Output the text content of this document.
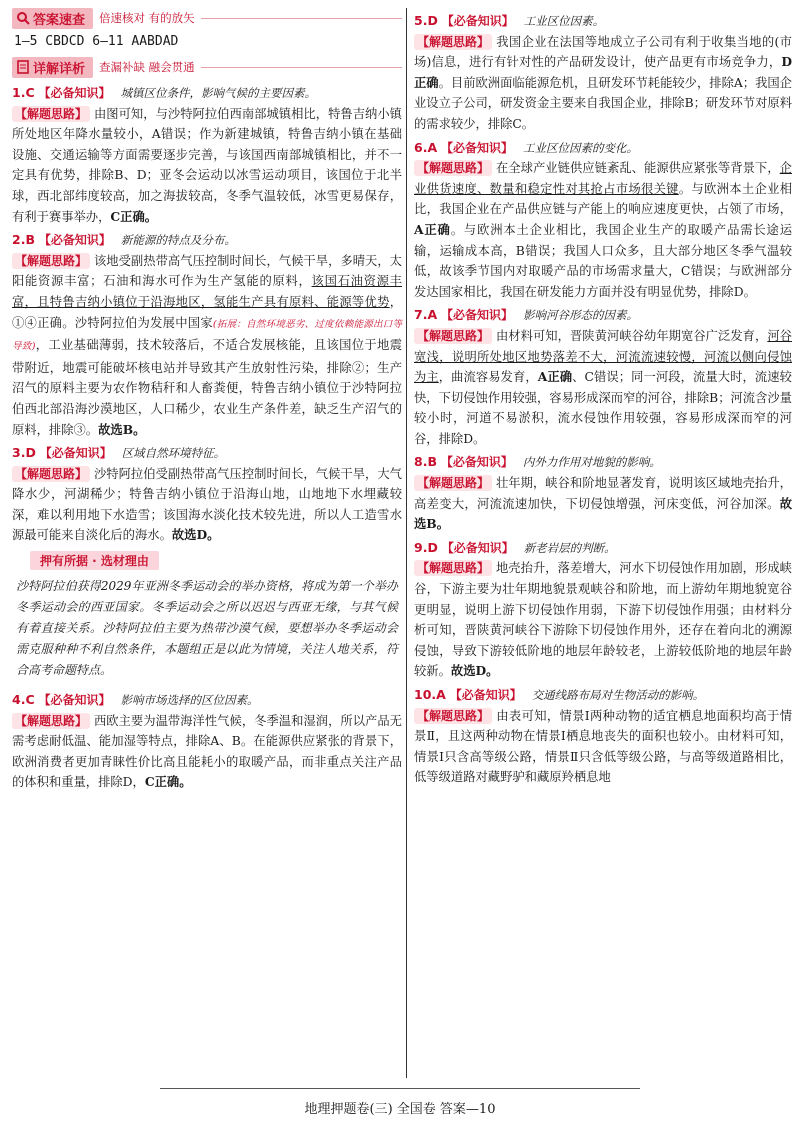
答案速查 倍速核对 有的放矢
1—5 CBDCD 6—11 AABDAD
详解详析 查漏补缺 融会贯通
1.C 【必备知识】 城镇区位条件，影响气候的主要因素。
【解题思路】 由图可知，与沙特阿拉伯西南部城镇相比，特鲁吉纳小镇所处地区年降水量较小，A错误；作为新建城镇，特鲁吉纳小镇在基础设施、交通运输等方面需要逐步完善，与该国西南部城镇相比，并不一定具有优势，排除B、D；亚冬会运动以冰雪运动项目，该国位于北半球，西北部纬度较高，加之海拔较高，冬季气温较低，冰雪更易保存，有利于赛事举办，C正确。
2.B 【必备知识】 新能源的特点及分布。
【解题思路】 该地受副热带高气压控制时间长，气候干旱，多晴天，太阳能资源丰富；石油和海水可作为生产氢能的原料，该国石油资源丰富，且特鲁吉纳小镇位于沿海地区，氢能生产具有原料、能源等优势，①④正确。沙特阿拉伯为发展中国家(拓展：自然环境恶劣、过度依赖能源出口等导致)，工业基础薄弱，技术较落后，不适合发展核能，且该国位于地震带附近，地震可能破坏核电站并导致其产生放射性污染，排除②；生产沼气的原料主要为农作物秸秆和人畜粪便，特鲁吉纳小镇位于沙特阿拉伯西北部沿海沙漠地区，人口稀少，农业生产条件差，缺乏生产沼气的原料，排除③。故选B。
3.D 【必备知识】 区域自然环境特征。
【解题思路】 沙特阿拉伯受副热带高气压控制时间长，气候干旱，大气降水少，河湖稀少；特鲁吉纳小镇位于沿海山地，山地地下水埋藏较深，难以利用地下水造雪；该国海水淡化技术较先进，所以人工造雪水源最可能来自淡化后的海水。故选D。
押有所据 · 选材理由
沙特阿拉伯获得2029年亚洲冬季运动会的举办资格，将成为第一个举办冬季运动会的西亚国家。冬季运动会之所以迟迟与西亚无缘，与其气候有着直接关系。沙特阿拉伯主要为热带沙漠气候，要想举办冬季运动会需克服种种不利自然条件，本题组正是以此为情境，关注人地关系，符合高考命题特点。
4.C 【必备知识】 影响市场选择的区位因素。
【解题思路】 西欧主要为温带海洋性气候，冬季温和湿润，所以产品无需考虑耐低温、能加湿等特点，排除A、B。在能源供应紧张的背景下，欧洲消费者更加青睐性价比高且能耗小的取暖产品，而非重点关注产品的体积和重量，排除D，C正确。
5.D 【必备知识】 工业区位因素。
【解题思路】 我国企业在法国等地成立子公司有利于收集当地的(市场)信息，进行有针对性的产品研发设计，使产品更有市场竞争力，D正确。目前欧洲面临能源危机，且研发环节耗能较少，排除A；我国企业设立子公司，研发资金主要来自我国企业，排除B；研发环节对原料的需求较少，排除C。
6.A 【必备知识】 工业区位因素的变化。
【解题思路】 在全球产业链供应链紊乱、能源供应紧张等背景下，企业供货速度、数量和稳定性对其抢占市场很关键。与欧洲本土企业相比，我国企业在产品供应链与产能上的响应速度更快，占领了市场，A正确。与欧洲本土企业相比，我国企业生产的取暖产品需长途运输，运输成本高，B错误；我国人口众多，且大部分地区冬季气温较低，故该季节国内对取暖产品的市场需求量大，C错误；与欧洲部分发达国家相比，我国在研发能力方面并没有明显优势，排除D。
7.A 【必备知识】 影响河谷形态的因素。
【解题思路】 由材料可知，晋陕黄河峡谷幼年期宽谷广泛发育，河谷宽浅，说明所处地区地势落差不大，河流流速较慢，河流以侧向侵蚀为主，曲流容易发育，A正确、C错误；同一河段，流量大时，流速较快，下切侵蚀作用较强，容易形成深而窄的河谷，排除B；河流含沙量较小时，河道不易淤积，流水侵蚀作用较强，容易形成深而窄的河谷，排除D。
8.B 【必备知识】 内外力作用对地貌的影响。
【解题思路】 壮年期，峡谷和阶地显著发育，说明该区域地壳抬升，高差变大，河流流速加快，下切侵蚀增强，河床变低，河谷加深。故选B。
9.D 【必备知识】 新老岩层的判断。
【解题思路】 地壳抬升，落差增大，河水下切侵蚀作用加剧，形成峡谷，下游主要为壮年期地貌景观峡谷和阶地，而上游幼年期地貌宽谷更明显，说明上游下切侵蚀作用弱，下游下切侵蚀作用强；由材料分析可知，晋陕黄河峡谷下游除下切侵蚀作用外，还存在着向北的溯源侵蚀，导致下游较低阶地的地层年龄较老，上游较低阶地的地层年龄较新。故选D。
10.A 【必备知识】 交通线路布局对生物活动的影响。
【解题思路】 由表可知，情景Ⅰ两种动物的适宜栖息地面积均高于情景Ⅱ，且这两种动物在情景Ⅰ栖息地丧失的面积也较小。由材料可知，情景Ⅰ只含高等级公路，情景Ⅱ只含低等级公路，与高等级道路相比，低等级道路对藏野驴和藏原羚栖息地
地理押题卷(三) 全国卷 答案—10
